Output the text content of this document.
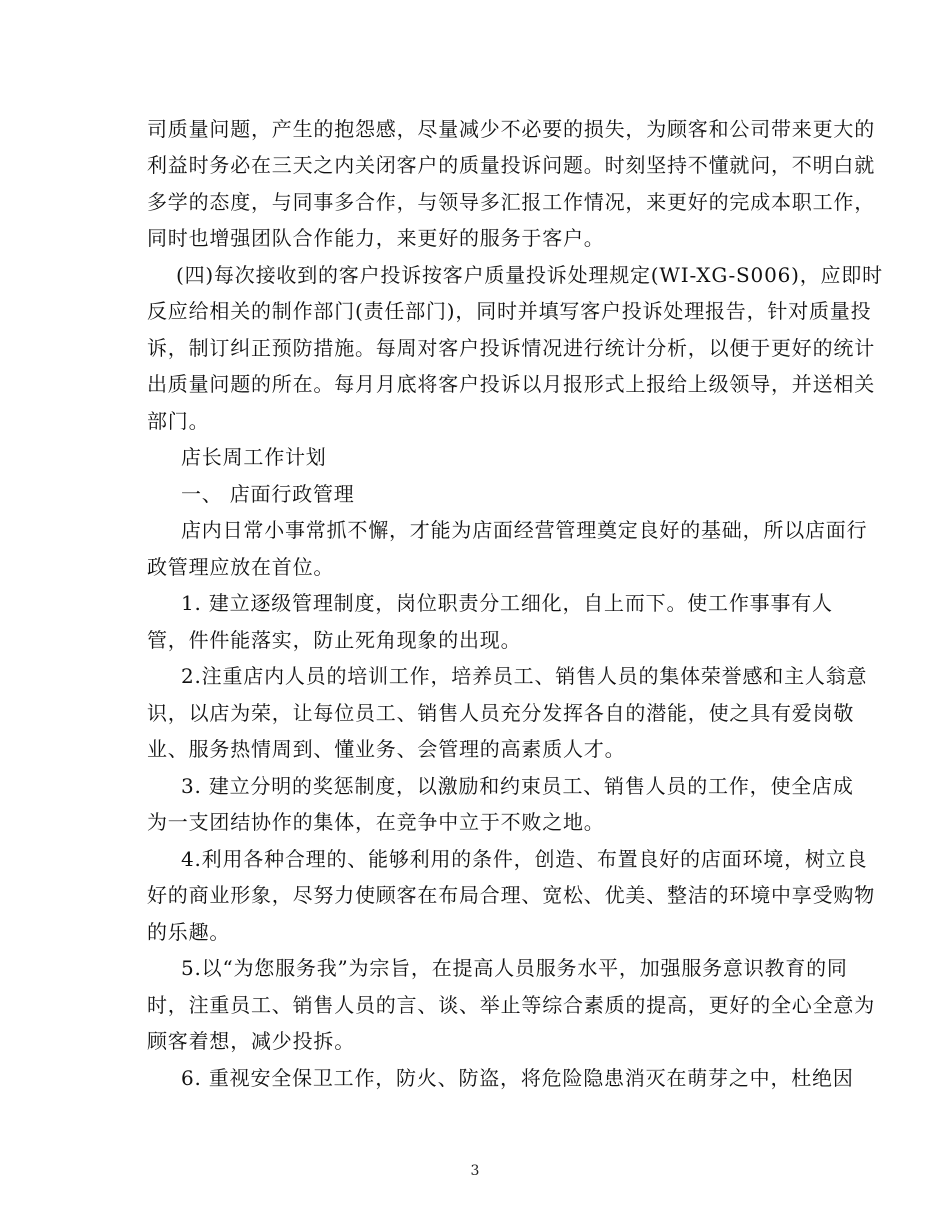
司质量问题，产生的抱怨感，尽量减少不必要的损失，为顾客和公司带来更大的
利益时务必在三天之内关闭客户的质量投诉问题。时刻坚持不懂就问，不明白就
多学的态度，与同事多合作，与领导多汇报工作情况，来更好的完成本职工作，
同时也增强团队合作能力，来更好的服务于客户。
(四)每次接收到的客户投诉按客户质量投诉处理规定(WI-XG-S006)，应即时
反应给相关的制作部门(责任部门)，同时并填写客户投诉处理报告，针对质量投
诉，制订纠正预防措施。每周对客户投诉情况进行统计分析，以便于更好的统计
出质量问题的所在。每月月底将客户投诉以月报形式上报给上级领导，并送相关
部门。
店长周工作计划
一、 店面行政管理
店内日常小事常抓不懈，才能为店面经营管理奠定良好的基础，所以店面行
政管理应放在首位。
1. 建立逐级管理制度，岗位职责分工细化，自上而下。使工作事事有人
管，件件能落实，防止死角现象的出现。
2.注重店内人员的培训工作，培养员工、销售人员的集体荣誉感和主人翁意
识，以店为荣，让每位员工、销售人员充分发挥各自的潜能，使之具有爱岗敬
业、服务热情周到、懂业务、会管理的高素质人才。
3. 建立分明的奖惩制度，以激励和约束员工、销售人员的工作，使全店成
为一支团结协作的集体，在竞争中立于不败之地。
4.利用各种合理的、能够利用的条件，创造、布置良好的店面环境，树立良
好的商业形象，尽努力使顾客在布局合理、宽松、优美、整洁的环境中享受购物
的乐趣。
5.以“为您服务我”为宗旨，在提高人员服务水平，加强服务意识教育的同
时，注重员工、销售人员的言、谈、举止等综合素质的提高，更好的全心全意为
顾客着想，减少投拆。
6. 重视安全保卫工作，防火、防盗，将危险隐患消灭在萌芽之中，杜绝因
3
